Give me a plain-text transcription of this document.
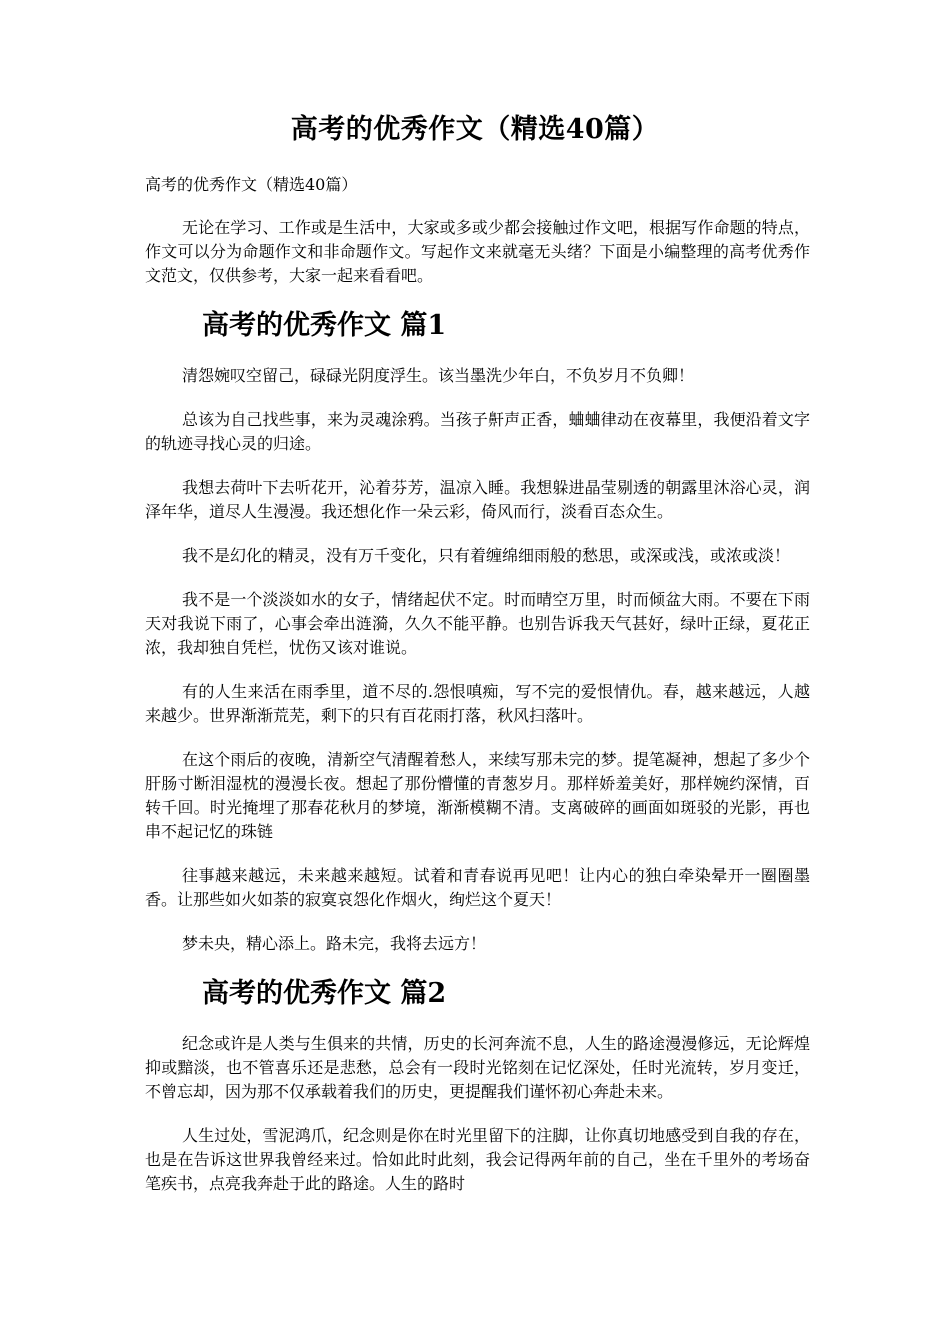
高考的优秀作文（精选40篇）

高考的优秀作文（精选40篇）

无论在学习、工作或是生活中，大家或多或少都会接触过作文吧，根据写作命题的特点，作文可以分为命题作文和非命题作文。写起作文来就毫无头绪？下面是小编整理的高考优秀作文范文，仅供参考，大家一起来看看吧。

高考的优秀作文 篇1

清怨婉叹空留己，碌碌光阴度浮生。该当墨洗少年白，不负岁月不负卿！

总该为自己找些事，来为灵魂涂鸦。当孩子鼾声正香，蛐蛐律动在夜幕里，我便沿着文字的轨迹寻找心灵的归途。

我想去荷叶下去听花开，沁着芬芳，温凉入睡。我想躲进晶莹剔透的朝露里沐浴心灵，润泽年华，道尽人生漫漫。我还想化作一朵云彩，倚风而行，淡看百态众生。

我不是幻化的精灵，没有万千变化，只有着缠绵细雨般的愁思，或深或浅，或浓或淡！

我不是一个淡淡如水的女子，情绪起伏不定。时而晴空万里，时而倾盆大雨。不要在下雨天对我说下雨了，心事会牵出涟漪，久久不能平静。也别告诉我天气甚好，绿叶正绿，夏花正浓，我却独自凭栏，忧伤又该对谁说。

有的人生来活在雨季里，道不尽的.怨恨嗔痴，写不完的爱恨情仇。春，越来越远，人越来越少。世界渐渐荒芜，剩下的只有百花雨打落，秋风扫落叶。

在这个雨后的夜晚，清新空气清醒着愁人，来续写那未完的梦。提笔凝神，想起了多少个肝肠寸断泪湿枕的漫漫长夜。想起了那份懵懂的青葱岁月。那样娇羞美好，那样婉约深情，百转千回。时光掩埋了那春花秋月的梦境，渐渐模糊不清。支离破碎的画面如斑驳的光影，再也串不起记忆的珠链

往事越来越远，未来越来越短。试着和青春说再见吧！让内心的独白牵染晕开一圈圈墨香。让那些如火如荼的寂寞哀怨化作烟火，绚烂这个夏天！

梦未央，精心添上。路未完，我将去远方！

高考的优秀作文 篇2

纪念或许是人类与生俱来的共情，历史的长河奔流不息，人生的路途漫漫修远，无论辉煌抑或黯淡，也不管喜乐还是悲愁，总会有一段时光铭刻在记忆深处，任时光流转，岁月变迁，不曾忘却，因为那不仅承载着我们的历史，更提醒我们谨怀初心奔赴未来。

人生过处，雪泥鸿爪，纪念则是你在时光里留下的注脚，让你真切地感受到自我的存在，也是在告诉这世界我曾经来过。恰如此时此刻，我会记得两年前的自己，坐在千里外的考场奋笔疾书，点亮我奔赴于此的路途。人生的路时
